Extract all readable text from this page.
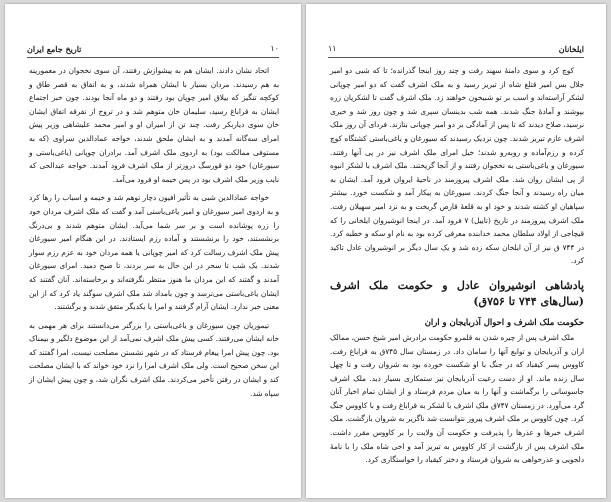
۱۰
تاریخ جامع ایران

اتحاد نشان دادند. ایشان هم به پیشوازش رفتند، آن سوی نخجوان در معمورینه به هم رسیدند. مردان بسیار با ایشان همراه شدند، و به اتفاق به قصر طاق و کوکچه تنگیز که ییلاق امیر چوپان بود رفتند و دو ماه آنجا بودند. چون خبر اجتماع ایشان به قراباغ رسید، سلیمان خان متوهم شد و در تروج از تفرقه اتفاق ایشان خان سوی دیاربکر رفت. چند تن از امیران او و امیر محمد علیشاهی وزیر پیش امرای سه‌گانه آمدند و به ایشان ملحق شدند، خواجه عمادالدین سراوی (که به مستوفی ممالکت بود) به اردوی ملک اشرف آمد. برادران چوپانی (یاغی‌باستی و سیورغان) خود دو قورسگ دروزتر از ملک اشرف فرود آمدند. خواجه عبدالحی که نایب وزیر ملک اشرف بود در پس خیمه او فرود می‌آمد.

خواجه عمادالدین شبی به تأثیر افیون دچار توهم شد و خیمه و اسباب را رها کرد و به اردوی امیر سیورغان و امیر یاغی‌باستی آمد و گفت که ملک اشرف مردان خود را زره پوشانده است و بر سر شما می‌آید. ایشان متوهم شدند و بی‌درنگ برنشستند، خود را برنشستند و آماده رزم ایستادند. در این هنگام امیر سیورغان پیش ملک اشرف رسالت کرد که امیر چوپانی یا همه مردان خود به عزم رزم سوار شدند. یک شب تا سحر در این حال به سر بردند، تا صبح دمید. امرای سیورغان آمدند و گفتند که این مردان ما هنوز منتظر نگرفته‌اند و برخاسته‌اند. آنان گفتند که ایشان یاغی‌باستی می‌ترسد و چون بامداد شد ملک اشرف سوگند یاد کرد که از این معنی خبر ندارد. ایشان آرام گرفتند و امرا یا یکدیگر متفق شدند و برگشتند.

تیموریان چون سیورغان و یاغی‌باستی را بزرگتر می‌دانستند برای هر مهمی به خانه ایشان می‌رفتند. کسی پیش ملک اشرف نمی‌آمد از این موضوع دلگیر و بیمناک بود. چون پیش امرا پیغام فرستاد که در شهر نشستن مصلحت نیست، امرا گفتند که این سخن صحیح است. ولی ملک اشرف امرا را نزد خود خواند که با ایشان مصلحت کند و ایشان در رفتن تأخیر می‌کردند. ملک اشرف نگران شد، و چون پیش ایشان از سپاه شد.

۱۱	ایلخانان

کوچ کرد و سوی دامنهٔ سهند رفت و چند روز اینجا گذرانده؛ تا که شبی دو امیر جلال بس امیر قتلغ شاه از تبریز رسید و به ملک اشرف گفت که دو امیر چوپانی لشکر آراسته‌اند و اسب بر تو شبیخون خواهند زد. ملک اشرف گفت تا لشکریان زره بپوشند و آمادهٔ جنگ شدند. همه شب بدینسان سپری شد و چون روز شد و خبری نرسید، صلاح دیدند که تا پس از آمادگی بر دو امیر چوپانی بتازند. فردای آن روز ملک اشرف عازم تبریز شدند. چون نزدیک رسیدند که سیورغان و یاغی‌باستی کشتگاه کوچ کرده و رزم‌آماده و روبه‌رو شدند؛ خیل امرای ملک اشرف نیز در پی آنها رفتند. سیورغان و یاغی‌باستی به نخجوان رفتند و از آنجا گریختند. ملک اشرف با لشکر انبوه از پی ایشان روان شد. ملک اشرف پیروزمند در ناحیهٔ ایروان فرود آمد. ایشان به میان راه رسیدند و آنجا جنگ کردند. سیورغان به پیکار آمد و شکست خورد. بیشتر سپاهیان او کشته شدند و خود او به قلعهٔ قارص گریخت و به نزد امیر سهیلان رفت. ملک اشرف پیروزمند در تاریخ (تاییل) ۷ فرود آمد. در اینجا انوشیروان ایلخانی را که قیچاجی از اولاد سلطان محمد خدابنده معرفی کرده بود به نام او سکه و خطبه کرد. در ۷۴۴ ق نیز از آن ایلخان سکه زده شد و یک سال دیگر بر انوشیروان عادل تاکید کرد.

پادشاهی انوشیروان عادل و حکومت ملک اشرف (سال‌های ۷۴۴ تا ۷۵۶ق)
حکومت ملک اشرف و احوال آذربایجان و اران

ملک اشرف پس از چیره شدن به قلمرو حکومت برادرش امیر شیخ حسن، ممالک اران و آذربایجان و توابع آنها را سامان داد. در زمستان سال ۷۴۵ق به قراباغ رفت. کاووس پسر کیقباد که در جنگ با او شکست خورده بود به شروان رفت و تا چهل سال زنده ماند. او از دست رعیت آذربایجان نیز ستمکاری بسیار دید. ملک اشرف جاسوسانی را برگماشت و آنها را به میان مردم فرستاد و از ایشان تمام اخبار آنان گرد می‌آورد. در زمستان ۷۴۷ق ملک اشرف با لشکر به قراباغ رفت و با کاووس جنگ کرد. چون کاووس بر ملک اشرف پیروز نتوانست شد ناگزیر به شروان بازگشت. ملک اشرف خبرها و عذرها را پذیرفت و حکومت آن ولایت را بر کاووس مقرر داشت. ملک اشرف پس از بازگشت از کار کاووس به تبریز آمد و اخی شاه ملک را با نامهٔ دلجویی و عذرخواهی به شروان فرستاد و دختر کیقباد را خواستگاری کرد.
